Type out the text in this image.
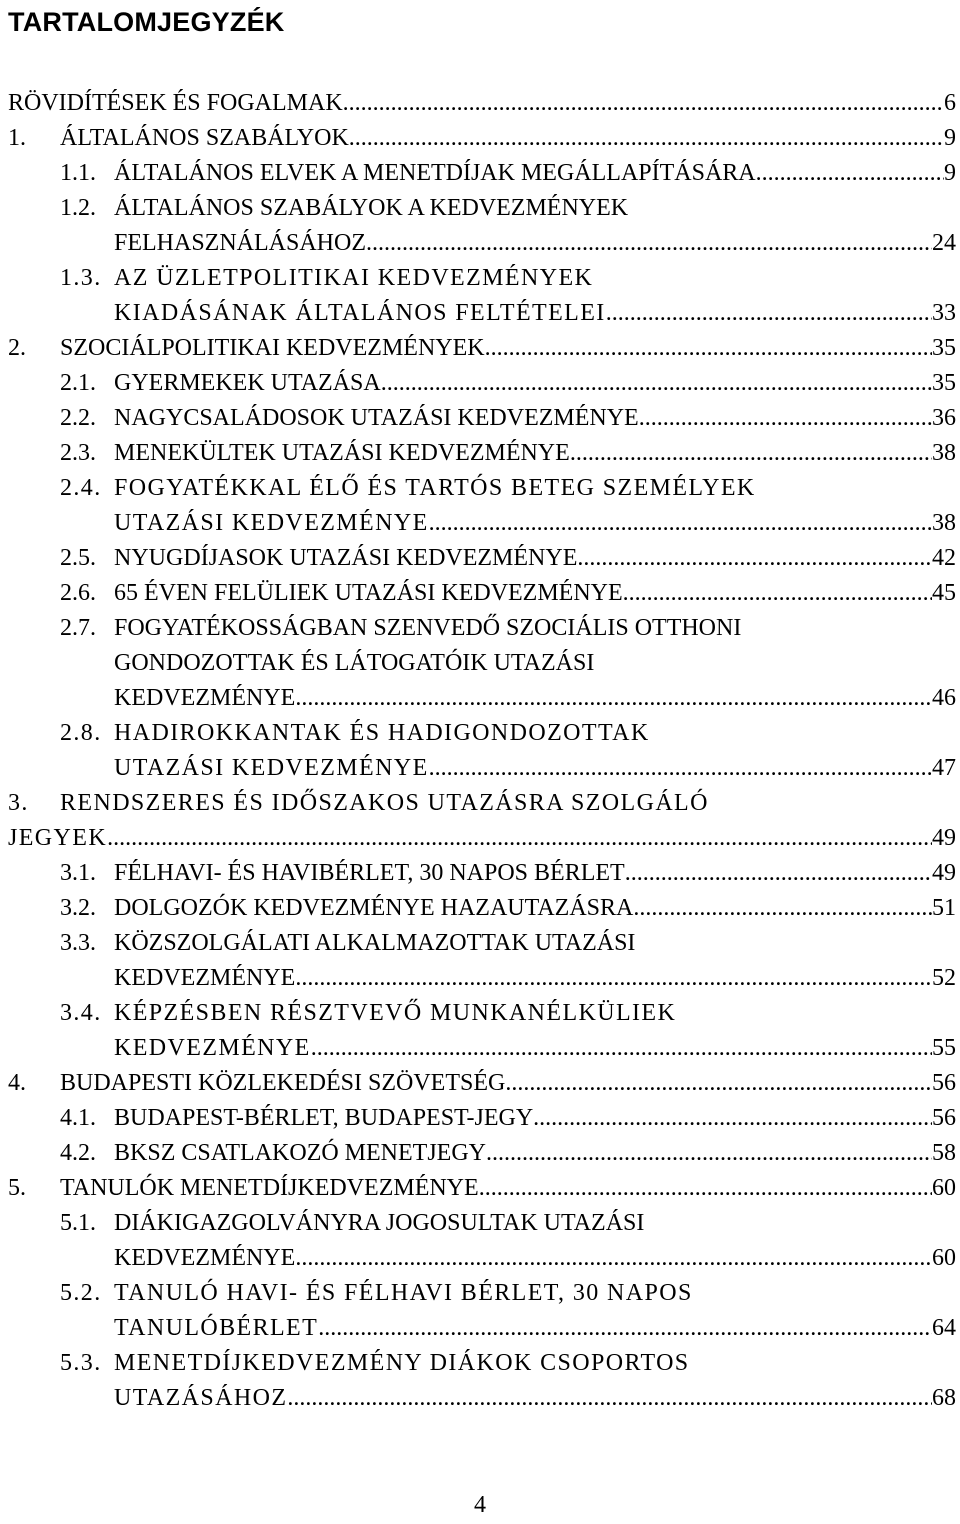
TARTALOMJEGYZÉK
RÖVIDÍTÉSEK ÉS FOGALMAK .....	6
1. ÁLTALÁNOS SZABÁLYOK .....	9
1.1. ÁLTALÁNOS ELVEK A MENETDÍJAK MEGÁLLAPÍTÁSÁRA .....	9
1.2. ÁLTALÁNOS SZABÁLYOK A KEDVEZMÉNYEK
FELHASZNÁLÁSÁHOZ .....	24
1.3. AZ ÜZLETPOLITIKAI KEDVEZMÉNYEK
KIADÁSÁNAK ÁLTALÁNOS FELTÉTELEI .....	33
2. SZOCIÁLPOLITIKAI KEDVEZMÉNYEK .....	35
2.1. GYERMEKEK UTAZÁSA .....	35
2.2. NAGYCSALÁDOSOK UTAZÁSI KEDVEZMÉNYE .....	36
2.3. MENEKÜLTEK UTAZÁSI KEDVEZMÉNYE .....	38
2.4. FOGYATÉKKAL ÉLŐ ÉS TARTÓS BETEG SZEMÉLYEK
UTAZÁSI KEDVEZMÉNYE .....	38
2.5. NYUGDÍJASOK UTAZÁSI KEDVEZMÉNYE .....	42
2.6. 65 ÉVEN FELÜLIEK UTAZÁSI KEDVEZMÉNYE .....	45
2.7. FOGYATÉKOSSÁGBAN SZENVEDŐ SZOCIÁLIS OTTHONI
GONDOZOTTAK ÉS LÁTOGATÓIK UTAZÁSI
KEDVEZMÉNYE .....	46
2.8. HADIROKKANTAK ÉS HADIGONDOZOTTAK
UTAZÁSI KEDVEZMÉNYE .....	47
3. RENDSZERES ÉS IDŐSZAKOS UTAZÁSRA SZOLGÁLÓ
JEGYEK .....	49
3.1. FÉLHAVI- ÉS HAVIBÉRLET, 30 NAPOS BÉRLET .....	49
3.2. DOLGOZÓK KEDVEZMÉNYE HAZAUTAZÁSRA .....	51
3.3. KÖZSZOLGÁLATI ALKALMAZOTTAK UTAZÁSI
KEDVEZMÉNYE .....	52
3.4. KÉPZÉSBEN RÉSZTVEVŐ MUNKANÉLKÜLIEK
KEDVEZMÉNYE .....	55
4. BUDAPESTI KÖZLEKEDÉSI SZÖVETSÉG .....	56
4.1. BUDAPEST-BÉRLET, BUDAPEST-JEGY .....	56
4.2. BKSZ CSATLAKOZÓ MENETJEGY .....	58
5. TANULÓK MENETDÍJKEDVEZMÉNYE .....	60
5.1. DIÁKIGAZGOLVÁNYRA JOGOSULTAK UTAZÁSI
KEDVEZMÉNYE .....	60
5.2. TANULÓ HAVI- ÉS FÉLHAVI BÉRLET, 30 NAPOS
TANULÓBÉRLET .....	64
5.3. MENETDÍJKEDVEZMÉNY DIÁKOK CSOPORTOS
UTAZÁSÁHOZ .....	68
4
